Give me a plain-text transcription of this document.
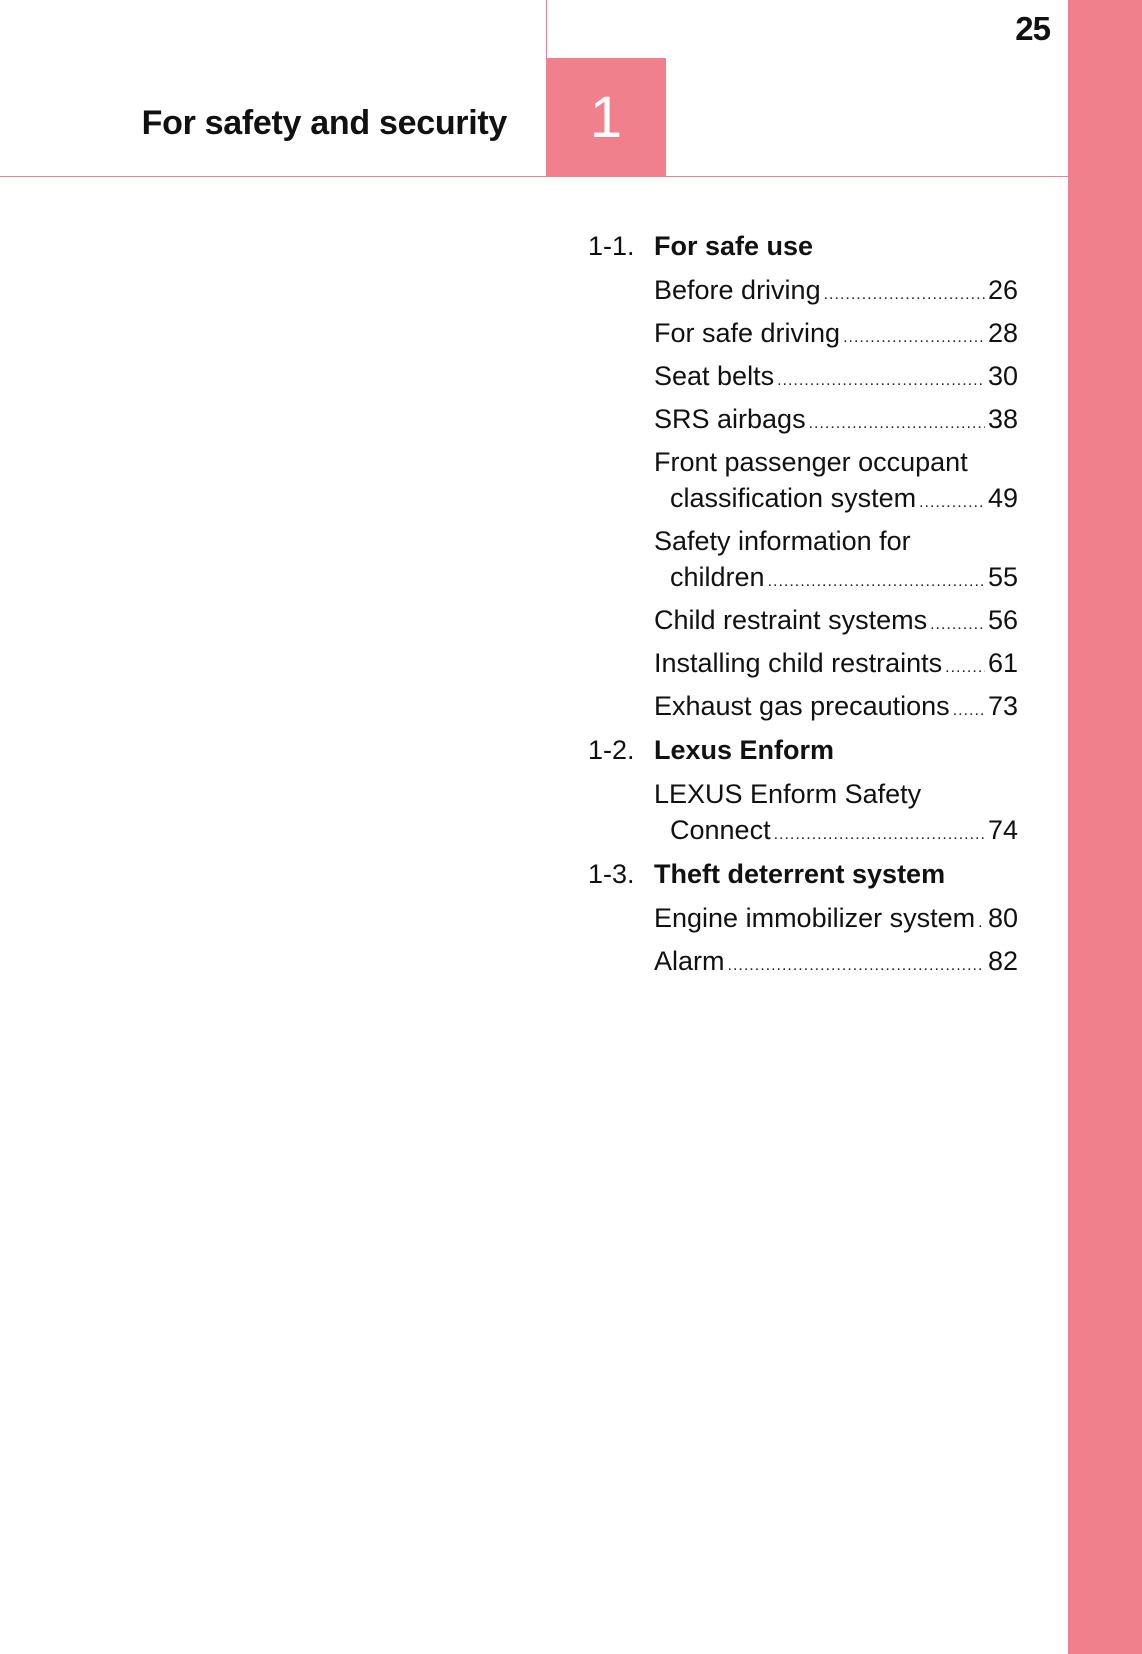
25
1
For safety and security
1-1. For safe use
Before driving .....	26
For safe driving .....	28
Seat belts .....	30
SRS airbags .....	38
Front passenger occupant
classification system .....	49
Safety information for
children .....	55
Child restraint systems ..... 56
Installing child restraints ..... 61
Exhaust gas precautions ..... 73
1-2. Lexus Enform
LEXUS Enform Safety
Connect .....	74
1-3. Theft deterrent system
Engine immobilizer system ..... 80
Alarm .....	82
